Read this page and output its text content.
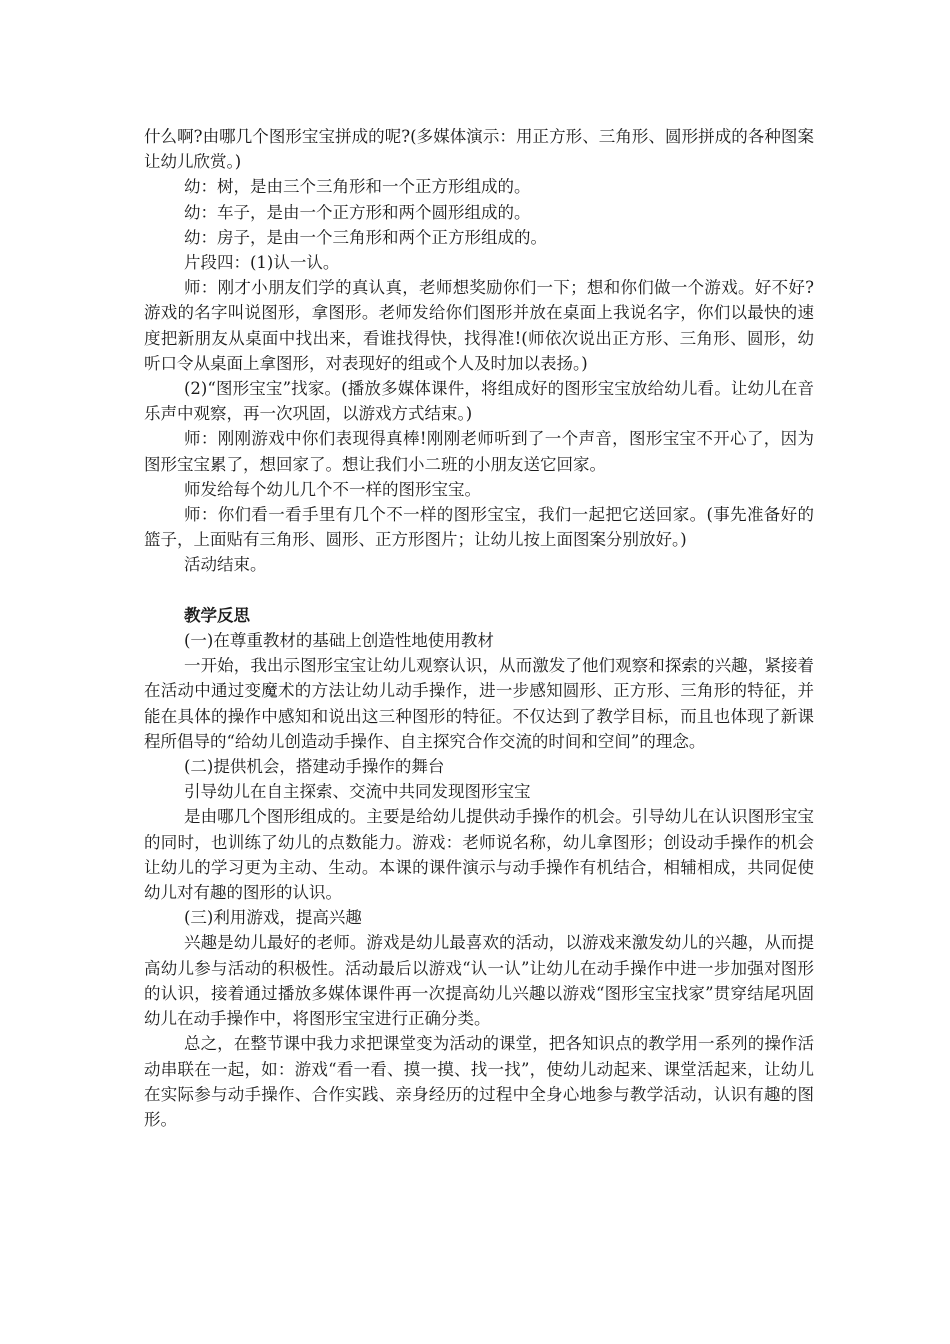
什么啊?由哪几个图形宝宝拼成的呢?(多媒体演示：用正方形、三角形、圆形拼成的各种图案让幼儿欣赏。)

幼：树，是由三个三角形和一个正方形组成的。

幼：车子，是由一个正方形和两个圆形组成的。

幼：房子，是由一个三角形和两个正方形组成的。

片段四：(1)认一认。

师：刚才小朋友们学的真认真，老师想奖励你们一下；想和你们做一个游戏。好不好?游戏的名字叫说图形，拿图形。老师发给你们图形并放在桌面上我说名字，你们以最快的速度把新朋友从桌面中找出来，看谁找得快，找得准!(师依次说出正方形、三角形、圆形，幼听口令从桌面上拿图形，对表现好的组或个人及时加以表扬。)

(2)“图形宝宝”找家。(播放多媒体课件，将组成好的图形宝宝放给幼儿看。让幼儿在音乐声中观察，再一次巩固，以游戏方式结束。)

师：刚刚游戏中你们表现得真棒!刚刚老师听到了一个声音，图形宝宝不开心了，因为图形宝宝累了，想回家了。想让我们小二班的小朋友送它回家。

师发给每个幼儿几个不一样的图形宝宝。

师：你们看一看手里有几个不一样的图形宝宝，我们一起把它送回家。(事先准备好的篮子，上面贴有三角形、圆形、正方形图片；让幼儿按上面图案分别放好。)

活动结束。

教学反思

(一)在尊重教材的基础上创造性地使用教材

一开始，我出示图形宝宝让幼儿观察认识，从而激发了他们观察和探索的兴趣，紧接着在活动中通过变魔术的方法让幼儿动手操作，进一步感知圆形、正方形、三角形的特征，并能在具体的操作中感知和说出这三种图形的特征。不仅达到了教学目标，而且也体现了新课程所倡导的“给幼儿创造动手操作、自主探究合作交流的时间和空间”的理念。

(二)提供机会，搭建动手操作的舞台

引导幼儿在自主探索、交流中共同发现图形宝宝

是由哪几个图形组成的。主要是给幼儿提供动手操作的机会。引导幼儿在认识图形宝宝的同时，也训练了幼儿的点数能力。游戏：老师说名称，幼儿拿图形；创设动手操作的机会让幼儿的学习更为主动、生动。本课的课件演示与动手操作有机结合，相辅相成，共同促使幼儿对有趣的图形的认识。

(三)利用游戏，提高兴趣

兴趣是幼儿最好的老师。游戏是幼儿最喜欢的活动，以游戏来激发幼儿的兴趣，从而提高幼儿参与活动的积极性。活动最后以游戏“认一认”让幼儿在动手操作中进一步加强对图形的认识，接着通过播放多媒体课件再一次提高幼儿兴趣以游戏“图形宝宝找家”贯穿结尾巩固幼儿在动手操作中，将图形宝宝进行正确分类。

总之，在整节课中我力求把课堂变为活动的课堂，把各知识点的教学用一系列的操作活动串联在一起，如：游戏“看一看、摸一摸、找一找”，使幼儿动起来、课堂活起来，让幼儿在实际参与动手操作、合作实践、亲身经历的过程中全身心地参与教学活动，认识有趣的图形。
